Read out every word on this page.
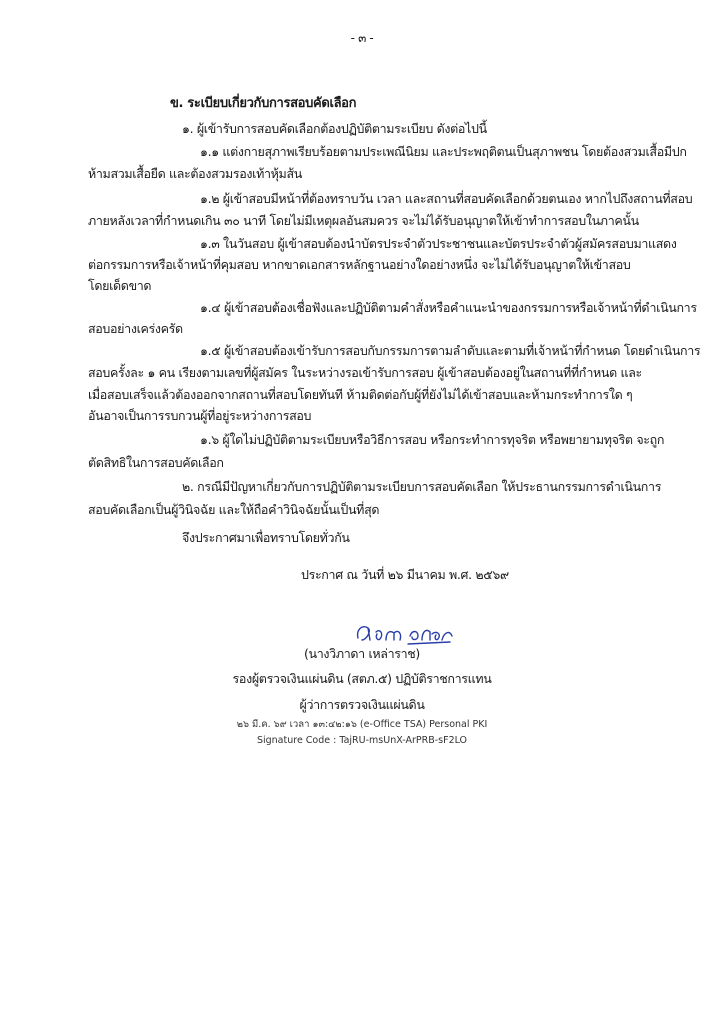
- ๓ -
ข. ระเบียบเกี่ยวกับการสอบคัดเลือก
๑. ผู้เข้ารับการสอบคัดเลือกต้องปฏิบัติตามระเบียบ ดังต่อไปนี้
๑.๑ แต่งกายสุภาพเรียบร้อยตามประเพณีนิยม และประพฤติตนเป็นสุภาพชน โดยต้องสวมเสื้อมีปก
ห้ามสวมเสื้อยืด และต้องสวมรองเท้าหุ้มส้น
๑.๒ ผู้เข้าสอบมีหน้าที่ต้องทราบวัน เวลา และสถานที่สอบคัดเลือกด้วยตนเอง หากไปถึงสถานที่สอบ
ภายหลังเวลาที่กำหนดเกิน ๓๐ นาที โดยไม่มีเหตุผลอันสมควร จะไม่ได้รับอนุญาตให้เข้าทำการสอบในภาคนั้น
๑.๓ ในวันสอบ ผู้เข้าสอบต้องนำบัตรประจำตัวประชาชนและบัตรประจำตัวผู้สมัครสอบมาแสดง
ต่อกรรมการหรือเจ้าหน้าที่คุมสอบ หากขาดเอกสารหลักฐานอย่างใดอย่างหนึ่ง จะไม่ได้รับอนุญาตให้เข้าสอบ
โดยเด็ดขาด
๑.๔ ผู้เข้าสอบต้องเชื่อฟังและปฏิบัติตามคำสั่งหรือคำแนะนำของกรรมการหรือเจ้าหน้าที่ดำเนินการ
สอบอย่างเคร่งครัด
๑.๕ ผู้เข้าสอบต้องเข้ารับการสอบกับกรรมการตามลำดับและตามที่เจ้าหน้าที่กำหนด โดยดำเนินการ
สอบครั้งละ ๑ คน เรียงตามเลขที่ผู้สมัคร ในระหว่างรอเข้ารับการสอบ ผู้เข้าสอบต้องอยู่ในสถานที่ที่กำหนด และ
เมื่อสอบเสร็จแล้วต้องออกจากสถานที่สอบโดยทันที ห้ามติดต่อกับผู้ที่ยังไม่ได้เข้าสอบและห้ามกระทำการใด ๆ
อันอาจเป็นการรบกวนผู้ที่อยู่ระหว่างการสอบ
๑.๖ ผู้ใดไม่ปฏิบัติตามระเบียบหรือวิธีการสอบ หรือกระทำการทุจริต หรือพยายามทุจริต จะถูก
ตัดสิทธิในการสอบคัดเลือก
๒. กรณีมีปัญหาเกี่ยวกับการปฏิบัติตามระเบียบการสอบคัดเลือก ให้ประธานกรรมการดำเนินการ
สอบคัดเลือกเป็นผู้วินิจฉัย และให้ถือคำวินิจฉัยนั้นเป็นที่สุด
จึงประกาศมาเพื่อทราบโดยทั่วกัน
ประกาศ ณ วันที่ ๒๖ มีนาคม พ.ศ. ๒๕๖๙
(นางวิภาดา เหล่าราช)
รองผู้ตรวจเงินแผ่นดิน (สตภ.๕) ปฏิบัติราชการแทน
ผู้ว่าการตรวจเงินแผ่นดิน
๒๖ มี.ค. ๖๙ เวลา ๑๓:๔๒:๑๖ (e-Office TSA) Personal PKI
Signature Code : TajRU-msUnX-ArPRB-sF2LO
